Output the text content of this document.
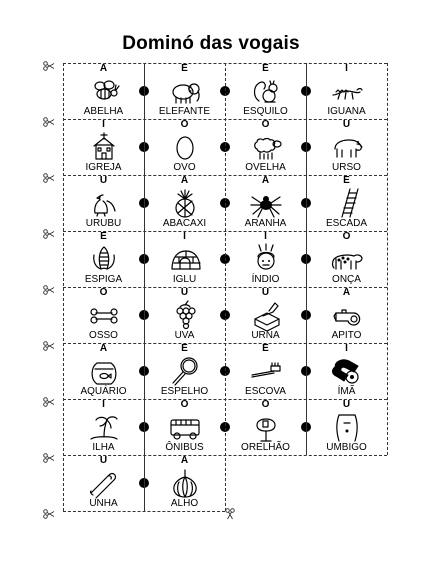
Dominó das vogais
A
ABELHA
E
ELEFANTE
E
ESQUILO
I
IGUANA
I
IGREJA
O
OVO
O
OVELHA
U
URSO
U
URUBU
A
ABACAXI
A
ARANHA
E
ESCADA
E
ESPIGA
I
IGLU
I
ÍNDIO
O
ONÇA
O
OSSO
U
UVA
U
URNA
A
APITO
A
AQUÁRIO
E
ESPELHO
E
ESCOVA
I
ÍMÃ
I
ILHA
O
ÔNIBUS
O
ORELHÃO
U
UMBIGO
U
UNHA
A
ALHO
